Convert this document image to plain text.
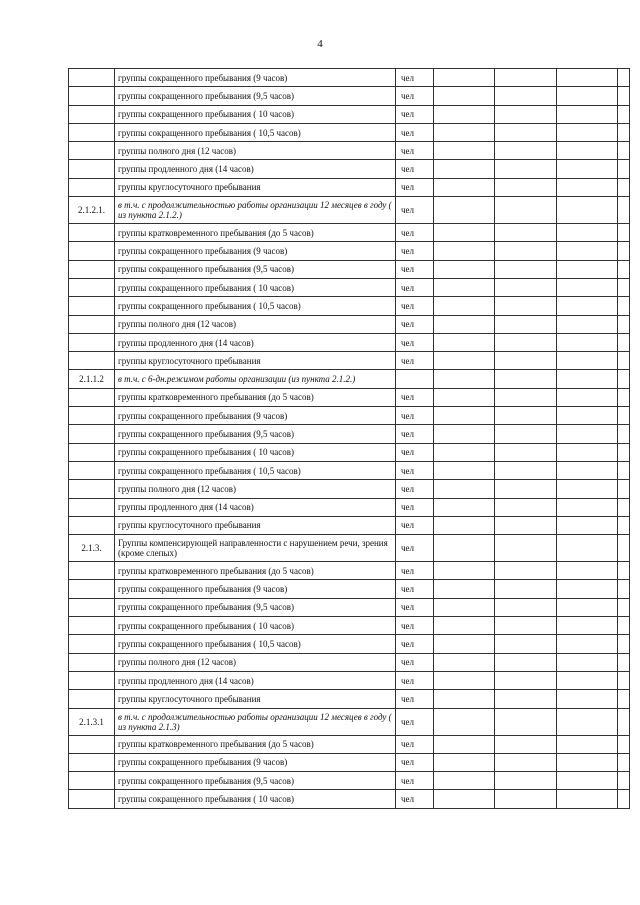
4
	группы сокращенного пребывания (9 часов)	чел				
	группы сокращенного пребывания (9,5 часов)	чел				
	группы сокращенного пребывания ( 10 часов)	чел				
	группы сокращенного пребывания ( 10,5 часов)	чел				
	группы полного дня (12 часов)	чел				
	группы продленного дня (14 часов)	чел				
	группы круглосуточного пребывания	чел				
2.1.2.1.	в т.ч. с продолжительностью работы организации 12 месяцев в году ( из пункта 2.1.2.)	чел				
	группы кратковременного пребывания (до 5 часов)	чел				
	группы сокращенного пребывания (9 часов)	чел				
	группы сокращенного пребывания (9,5 часов)	чел				
	группы сокращенного пребывания ( 10 часов)	чел				
	группы сокращенного пребывания ( 10,5 часов)	чел				
	группы полного дня (12 часов)	чел				
	группы продленного дня (14 часов)	чел				
	группы круглосуточного пребывания	чел				
2.1.1.2	в т.ч. с 6-дн.режимом работы организации (из пункта 2.1.2.)					
	группы кратковременного пребывания (до 5 часов)	чел				
	группы сокращенного пребывания (9 часов)	чел				
	группы сокращенного пребывания (9,5 часов)	чел				
	группы сокращенного пребывания ( 10 часов)	чел				
	группы сокращенного пребывания ( 10,5 часов)	чел				
	группы полного дня (12 часов)	чел				
	группы продленного дня (14 часов)	чел				
	группы круглосуточного пребывания	чел				
2.1.3.	Группы компенсирующей направленности с нарушением речи, зрения (кроме слепых)	чел				
	группы кратковременного пребывания (до 5 часов)	чел				
	группы сокращенного пребывания (9 часов)	чел				
	группы сокращенного пребывания (9,5 часов)	чел				
	группы сокращенного пребывания ( 10 часов)	чел				
	группы сокращенного пребывания ( 10,5 часов)	чел				
	группы полного дня (12 часов)	чел				
	группы продленного дня (14 часов)	чел				
	группы круглосуточного пребывания	чел				
2.1.3.1	в т.ч. с продолжительностью работы организации 12 месяцев в году ( из пункта 2.1.3)	чел				
	группы кратковременного пребывания (до 5 часов)	чел				
	группы сокращенного пребывания (9 часов)	чел				
	группы сокращенного пребывания (9,5 часов)	чел				
	группы сокращенного пребывания ( 10 часов)	чел				
